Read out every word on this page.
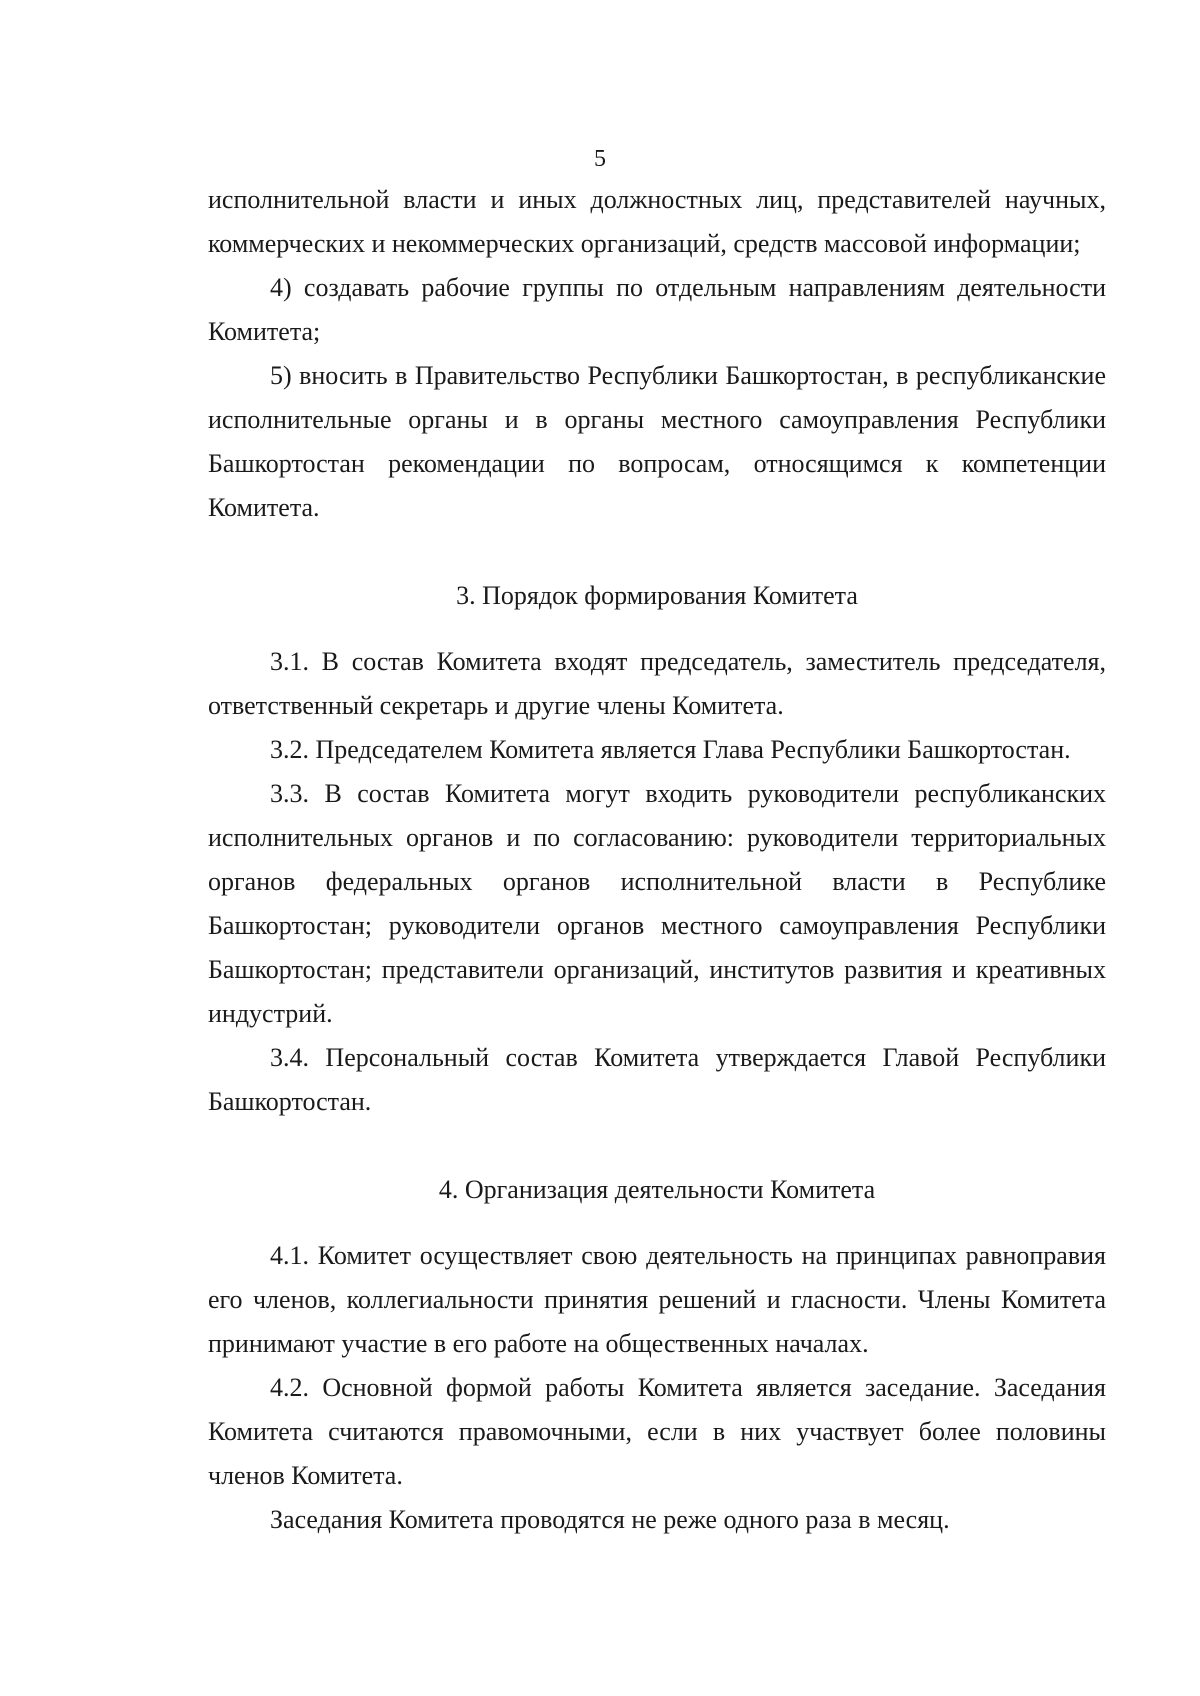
5

исполнительной власти и иных должностных лиц, представителей научных, коммерческих и некоммерческих организаций, средств массовой информации;

4) создавать рабочие группы по отдельным направлениям деятельности Комитета;

5) вносить в Правительство Республики Башкортостан, в республиканские исполнительные органы и в органы местного самоуправления Республики Башкортостан рекомендации по вопросам, относящимся к компетенции Комитета.

3. Порядок формирования Комитета

3.1. В состав Комитета входят председатель, заместитель председателя, ответственный секретарь и другие члены Комитета.

3.2. Председателем Комитета является Глава Республики Башкортостан.

3.3. В состав Комитета могут входить руководители республиканских исполнительных органов и по согласованию: руководители территориальных органов федеральных органов исполнительной власти в Республике Башкортостан; руководители органов местного самоуправления Республики Башкортостан; представители организаций, институтов развития и креативных индустрий.

3.4. Персональный состав Комитета утверждается Главой Республики Башкортостан.

4. Организация деятельности Комитета

4.1. Комитет осуществляет свою деятельность на принципах равноправия его членов, коллегиальности принятия решений и гласности. Члены Комитета принимают участие в его работе на общественных началах.

4.2. Основной формой работы Комитета является заседание. Заседания Комитета считаются правомочными, если в них участвует более половины членов Комитета.

Заседания Комитета проводятся не реже одного раза в месяц.
